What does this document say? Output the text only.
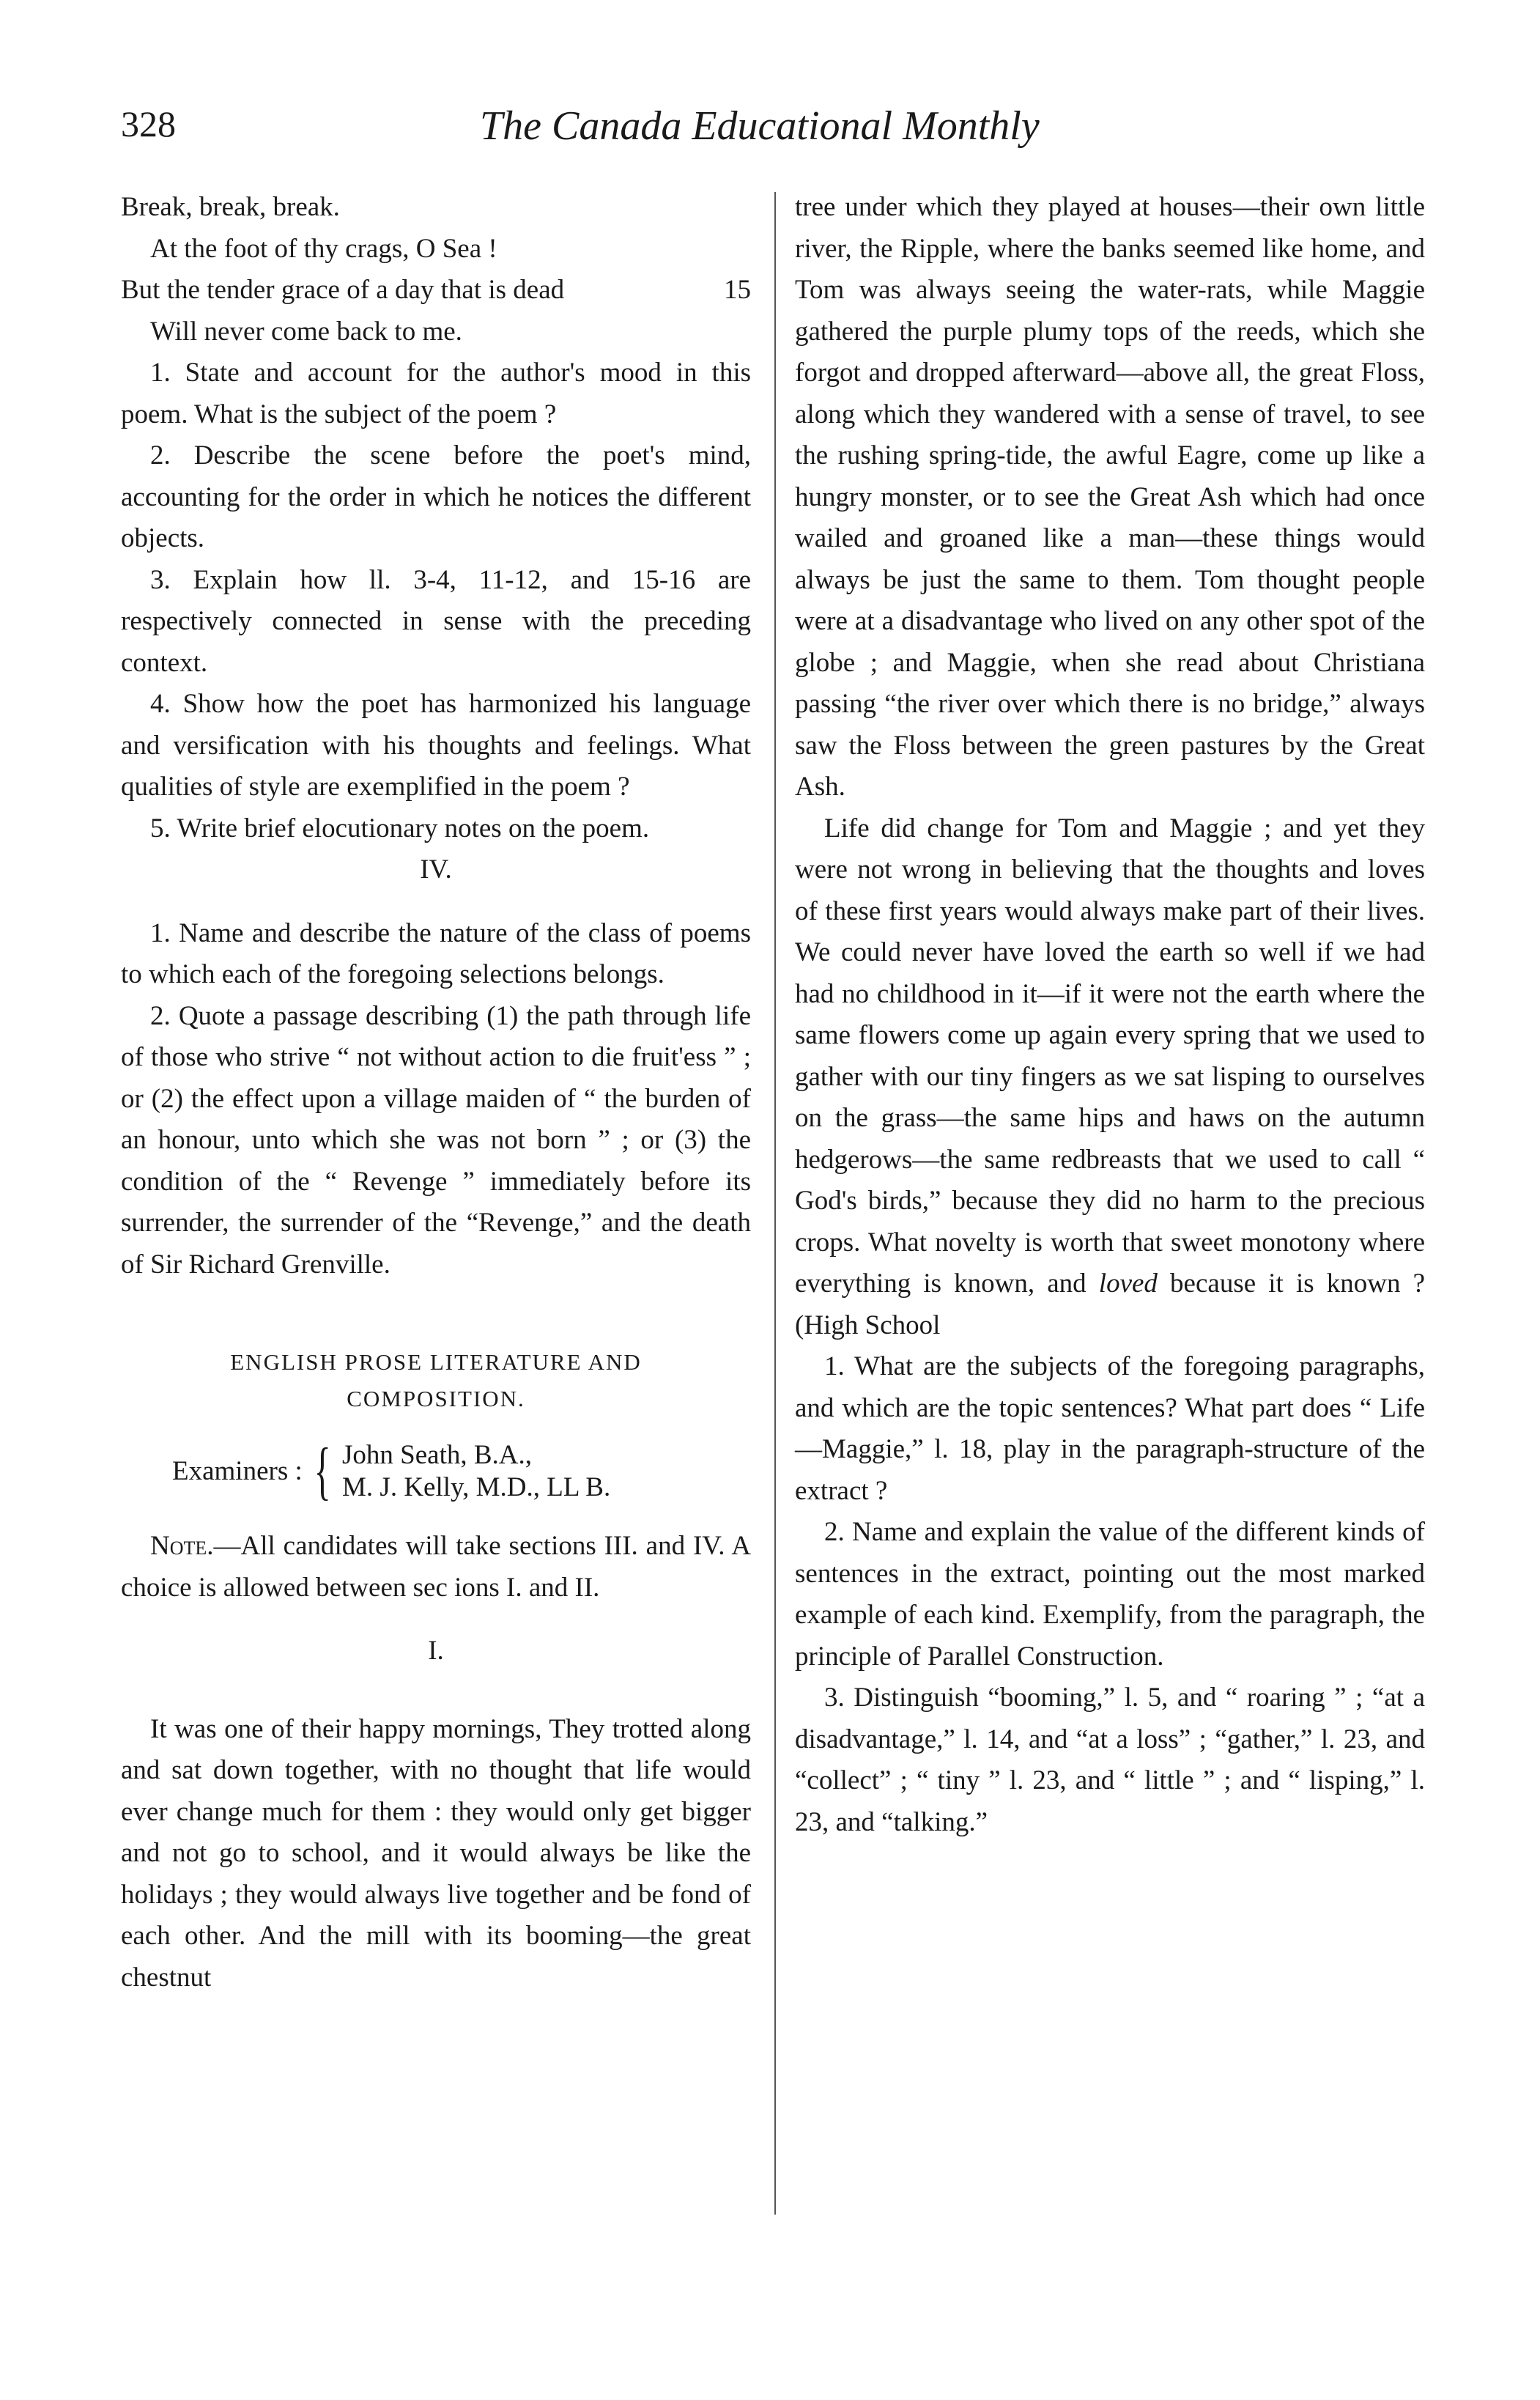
328	The Canada Educational Monthly
Break, break, break.
At the foot of thy crags, O Sea !
But the tender grace of a day that is dead	15
Will never come back to me.

1. State and account for the author's mood in this poem. What is the subject of the poem ?

2. Describe the scene before the poet's mind, accounting for the order in which he notices the different objects.

3. Explain how ll. 3-4, 11-12, and 15-16 are respectively connected in sense with the preceding context.

4. Show how the poet has harmonized his language and versification with his thoughts and feelings. What qualities of style are exemplified in the poem ?

5. Write brief elocutionary notes on the poem.

IV.

1. Name and describe the nature of the class of poems to which each of the foregoing selections belongs.

2. Quote a passage describing (1) the path through life of those who strive “ not without action to die fruit'ess ” ; or (2) the effect upon a village maiden of “ the burden of an honour, unto which she was not born ” ; or (3) the condition of the “ Revenge ” immediately before its surrender, the surrender of the “Revenge,” and the death of Sir Richard Grenville.

ENGLISH PROSE LITERATURE AND
COMPOSITION.
Examiners : { John Seath, B.A.,
M. J. Kelly, M.D., LL B.

Note.—All candidates will take sections III. and IV. A choice is allowed between sec ions I. and II.

I.

It was one of their happy mornings, They trotted along and sat down together, with no thought that life would ever change much for them : they would only get bigger and not go to school, and it would always be like the holidays ; they would always live together and be fond of each other. And the mill with its booming—the great chestnut

tree under which they played at houses—their own little river, the Ripple, where the banks seemed like home, and Tom was always seeing the water-rats, while Maggie gathered the purple plumy tops of the reeds, which she forgot and dropped afterward—above all, the great Floss, along which they wandered with a sense of travel, to see the rushing spring-tide, the awful Eagre, come up like a hungry monster, or to see the Great Ash which had once wailed and groaned like a man—these things would always be just the same to them. Tom thought people were at a disadvantage who lived on any other spot of the globe ; and Maggie, when she read about Christiana passing “the river over which there is no bridge,” always saw the Floss between the green pastures by the Great Ash.

Life did change for Tom and Maggie ; and yet they were not wrong in believing that the thoughts and loves of these first years would always make part of their lives. We could never have loved the earth so well if we had had no childhood in it—if it were not the earth where the same flowers come up again every spring that we used to gather with our tiny fingers as we sat lisping to ourselves on the grass—the same hips and haws on the autumn hedgerows—the same redbreasts that we used to call “ God's birds,” because they did no harm to the precious crops. What novelty is worth that sweet monotony where everything is known, and loved because it is known ? (High School

1. What are the subjects of the foregoing paragraphs, and which are the topic sentences? What part does “ Life—Maggie,” l. 18, play in the paragraph-structure of the extract ?

2. Name and explain the value of the different kinds of sentences in the extract, pointing out the most marked example of each kind. Exemplify, from the paragraph, the principle of Parallel Construction.

3. Distinguish “booming,” l. 5, and “ roaring ” ; “at a disadvantage,” l. 14, and “at a loss” ; “gather,” l. 23, and “collect” ; “ tiny ” l. 23, and “ little ” ; and “ lisping,” l. 23, and “talking.”
